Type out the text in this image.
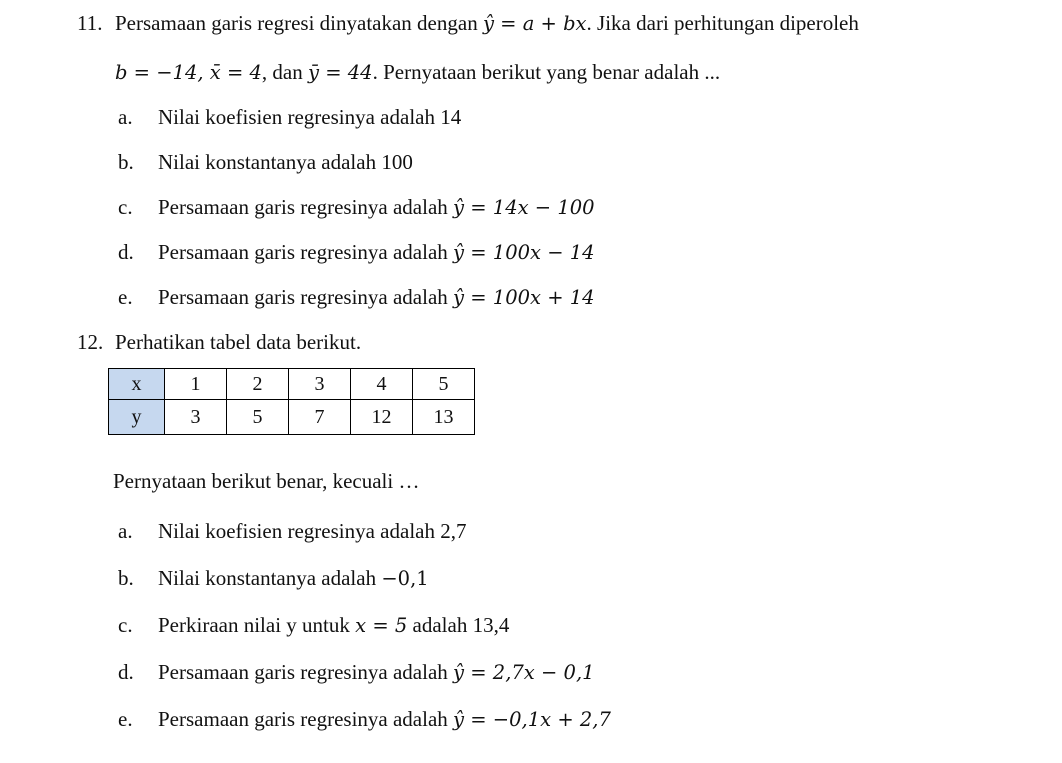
11. Persamaan garis regresi dinyatakan dengan ŷ = a + bx. Jika dari perhitungan diperoleh
b = −14, x̄ = 4, dan ȳ = 44. Pernyataan berikut yang benar adalah ...
a. Nilai koefisien regresinya adalah 14
b. Nilai konstantanya adalah 100
c. Persamaan garis regresinya adalah ŷ = 14x − 100
d. Persamaan garis regresinya adalah ŷ = 100x − 14
e. Persamaan garis regresinya adalah ŷ = 100x + 14
12. Perhatikan tabel data berikut.
x	1	2	3	4	5
y	3	5	7	12	13
Pernyataan berikut benar, kecuali …
a. Nilai koefisien regresinya adalah 2,7
b. Nilai konstantanya adalah −0,1
c. Perkiraan nilai y untuk x = 5 adalah 13,4
d. Persamaan garis regresinya adalah ŷ = 2,7x − 0,1
e. Persamaan garis regresinya adalah ŷ = −0,1x + 2,7
